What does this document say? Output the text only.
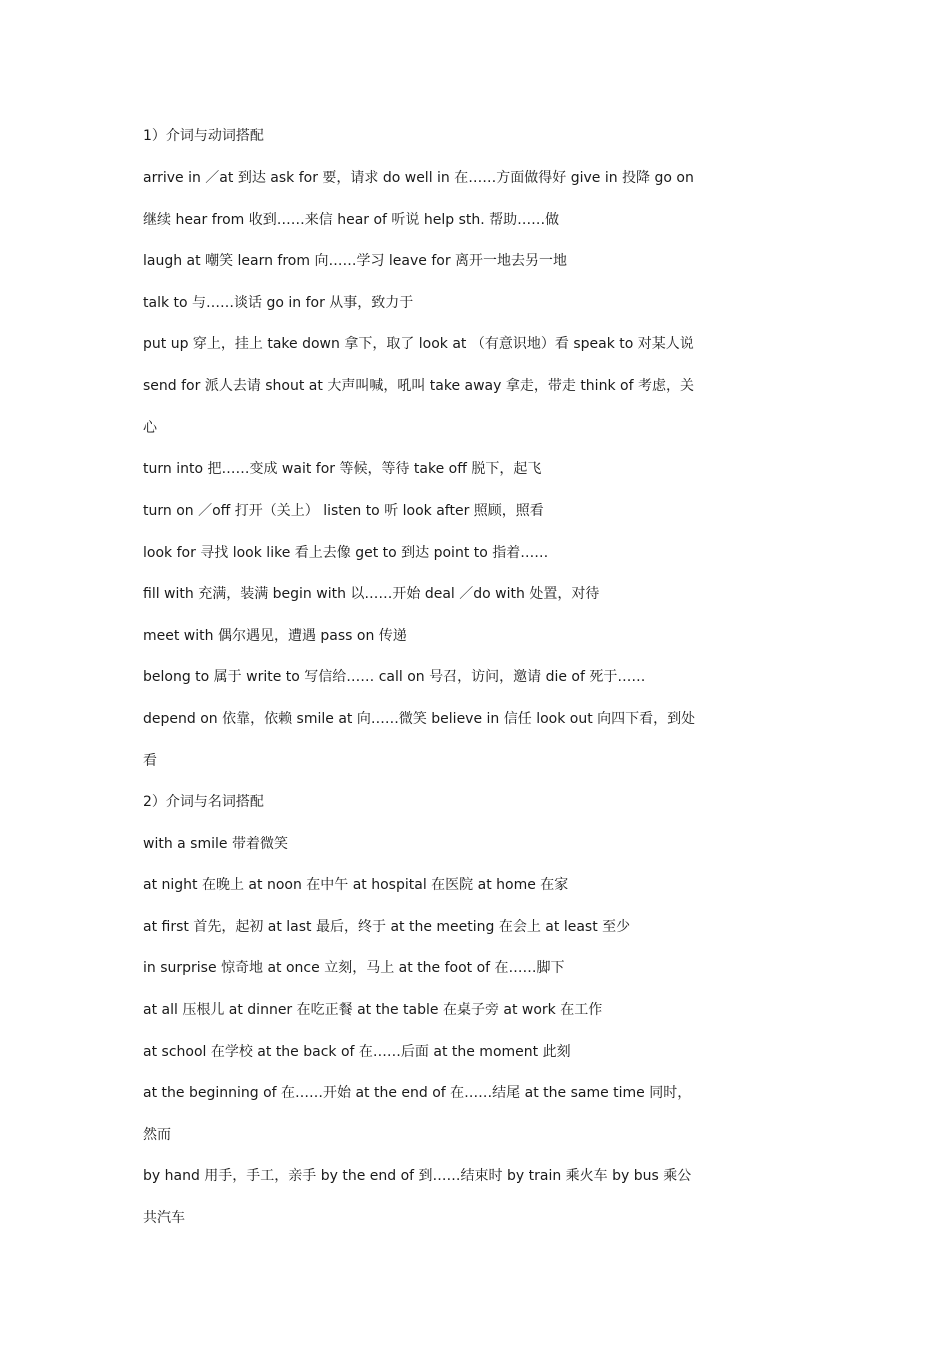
1）介词与动词搭配
arrive in ／at 到达 ask for 要，请求 do well in 在……方面做得好 give in 投降 go on
继续 hear from 收到……来信 hear of 听说 help sth. 帮助……做
laugh at 嘲笑 learn from 向……学习 leave for 离开一地去另一地
talk to 与……谈话 go in for 从事，致力于
put up 穿上，挂上 take down 拿下，取了 look at （有意识地）看 speak to 对某人说
send for 派人去请 shout at 大声叫喊，吼叫 take away 拿走，带走 think of 考虑，关
心
turn into 把……变成 wait for 等候，等待 take off 脱下，起飞
turn on ／off 打开（关上） listen to 听 look after 照顾，照看
look for 寻找 look like 看上去像 get to 到达 point to 指着……
fill with 充满，装满 begin with 以……开始 deal ／do with 处置，对待
meet with 偶尔遇见，遭遇 pass on 传递
belong to 属于 write to 写信给…… call on 号召，访问，邀请 die of 死于……
depend on 依靠，依赖 smile at 向……微笑 believe in 信任 look out 向四下看，到处
看
2）介词与名词搭配
with a smile 带着微笑
at night 在晚上 at noon 在中午 at hospital 在医院 at home 在家
at first 首先，起初 at last 最后，终于 at the meeting 在会上 at least 至少
in surprise 惊奇地 at once 立刻，马上 at the foot of 在……脚下
at all 压根儿 at dinner 在吃正餐 at the table 在桌子旁 at work 在工作
at school 在学校 at the back of 在……后面 at the moment 此刻
at the beginning of 在……开始 at the end of 在……结尾 at the same time 同时，
然而
by hand 用手，手工，亲手 by the end of 到……结束时 by train 乘火车 by bus 乘公
共汽车
